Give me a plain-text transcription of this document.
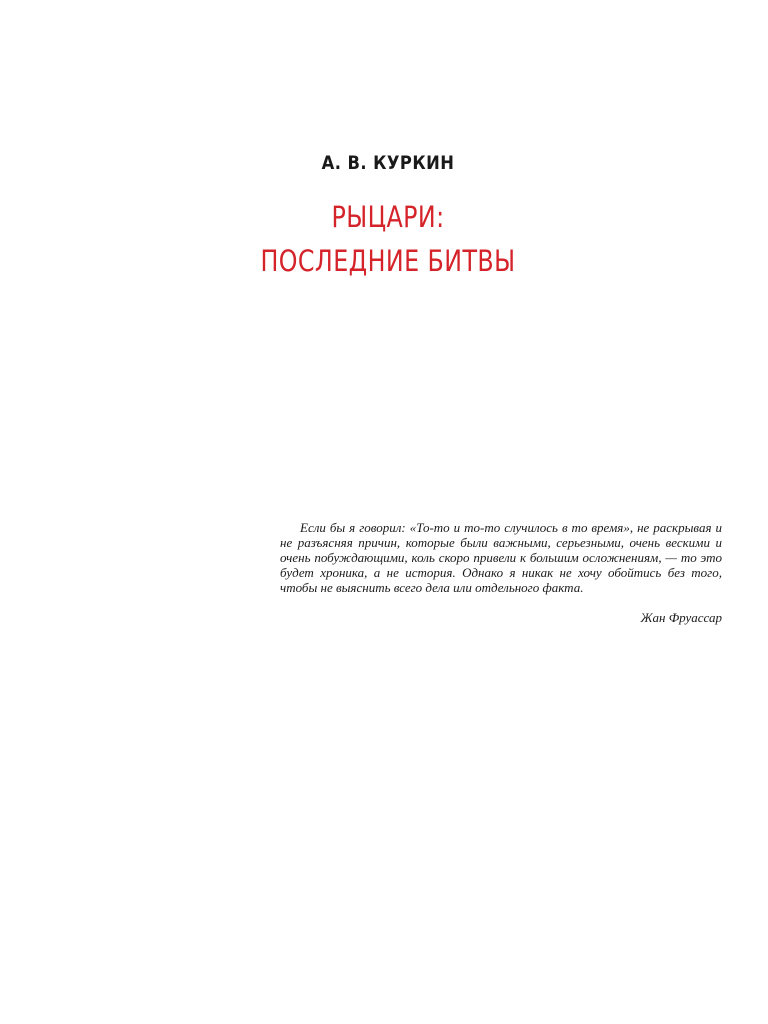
А. В. КУРКИН
РЫЦАРИ:
ПОСЛЕДНИЕ БИТВЫ

Если бы я говорил: «То-то и то-то случилось в то время», не раскрывая и не разъясняя причин, которые были важными, серьезными, очень вескими и очень побуждающими, коль скоро привели к большим осложнениям, — то это будет хроника, а не история. Однако я никак не хочу обойтись без того, чтобы не выяснить всего дела или отдельного факта.

Жан Фруассар
